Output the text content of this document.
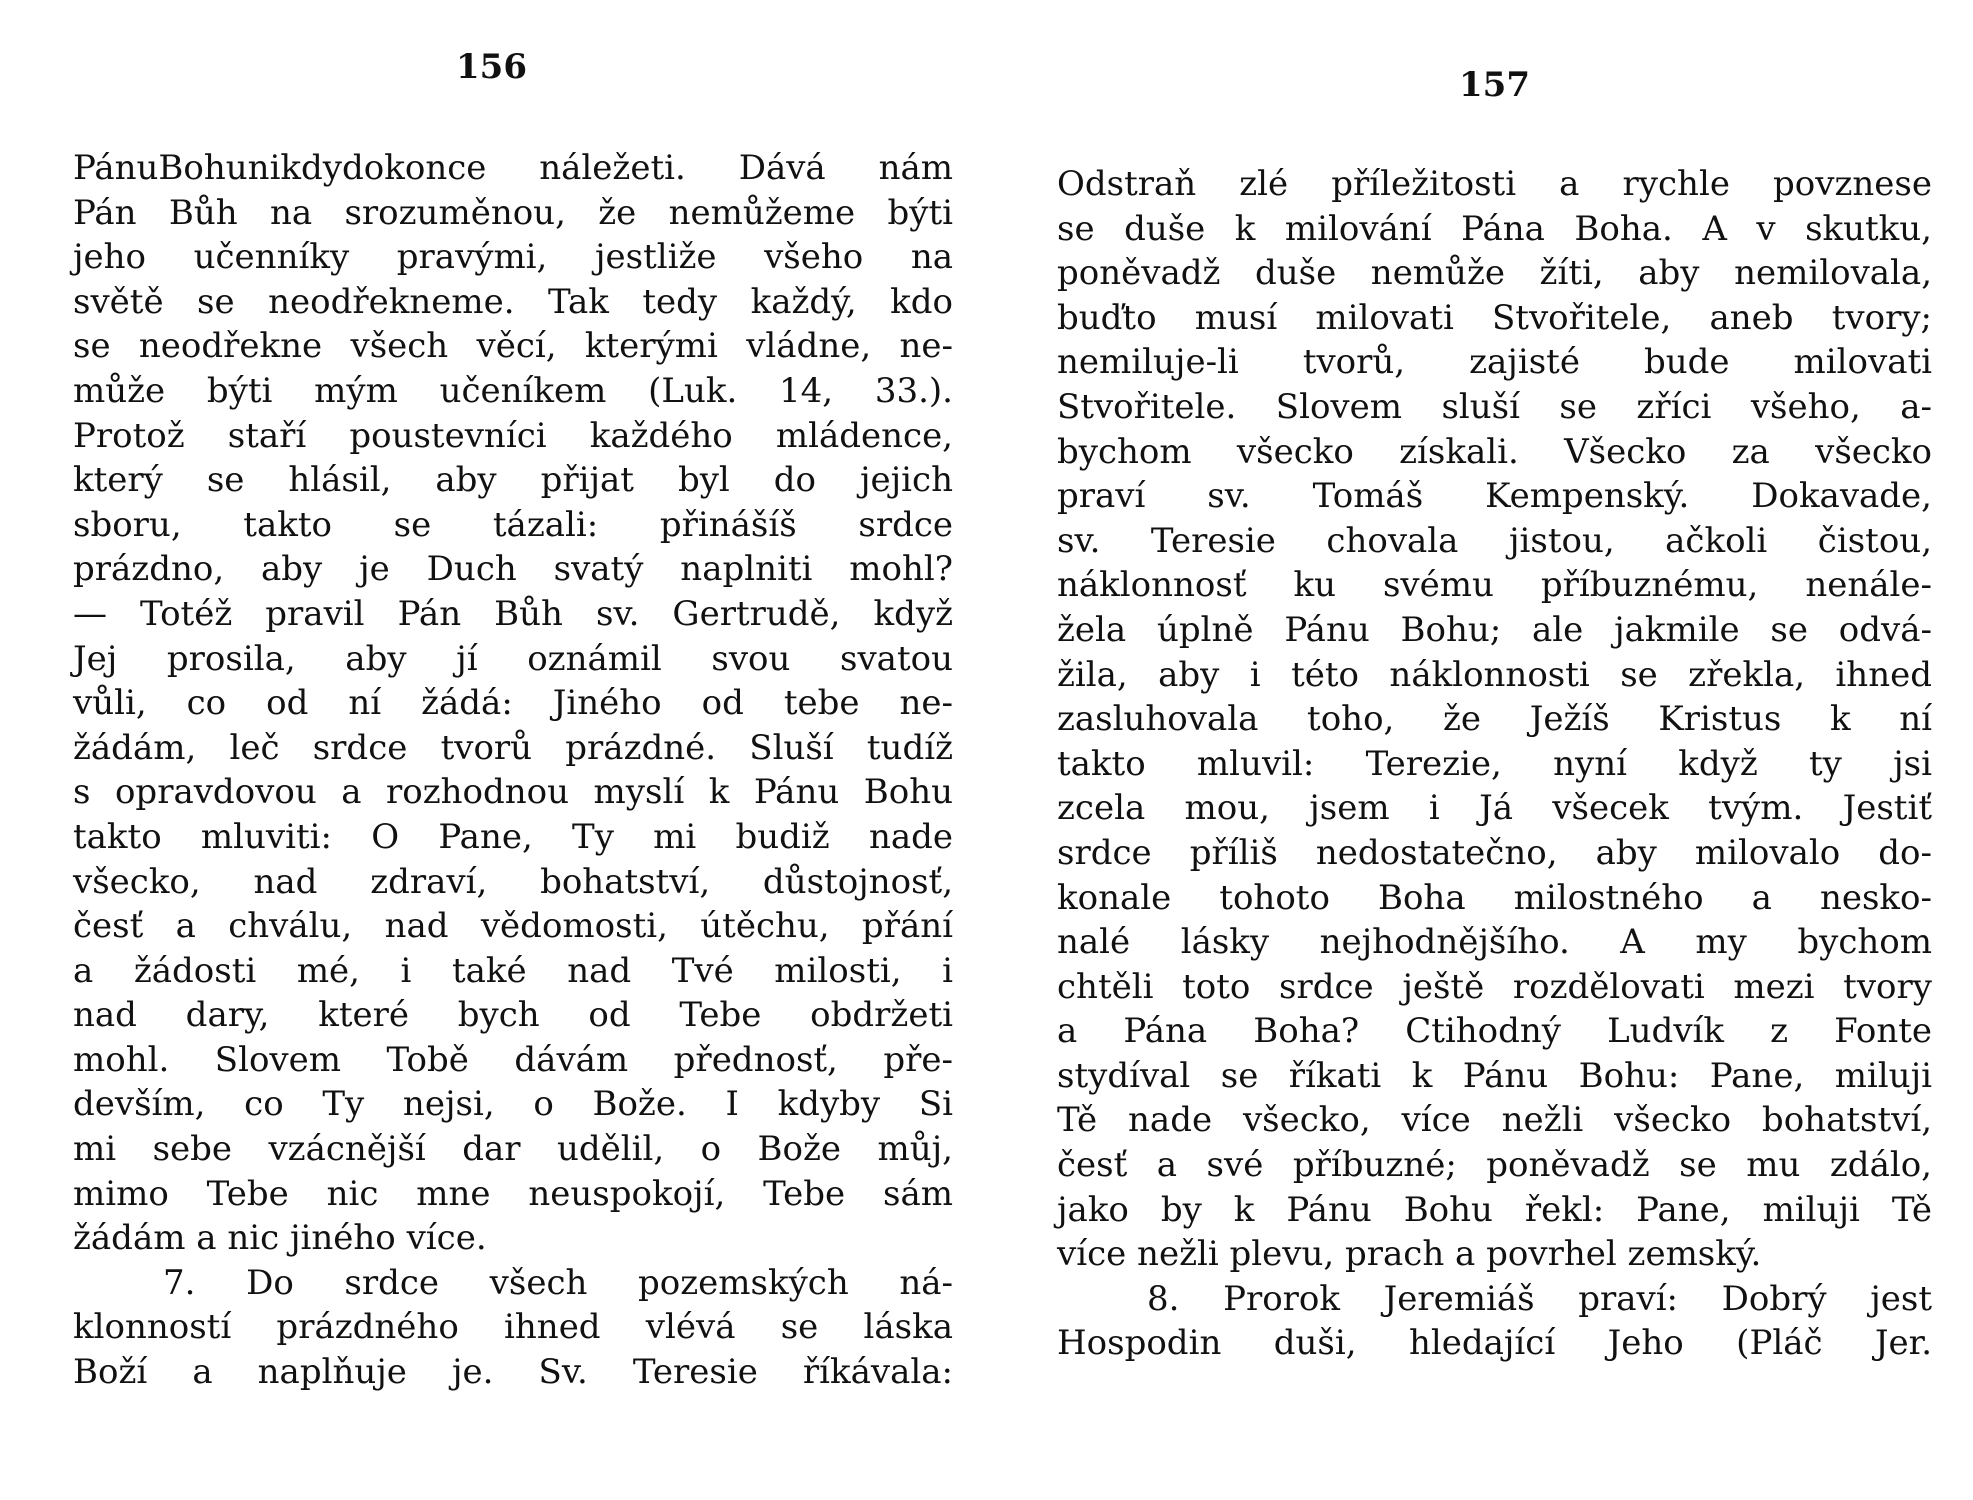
156

PánuBohunikdydokonce náležeti. Dává nám
Pán Bůh na srozuměnou, že nemůžeme býti
jeho učenníky pravými, jestliže všeho na
světě se neodřekneme. Tak tedy každý, kdo
se neodřekne všech věcí, kterými vládne, ne-
může býti mým učeníkem (Luk. 14, 33.).
Protož staří poustevníci každého mládence,
který se hlásil, aby přijat byl do jejich
sboru, takto se tázali: přinášíš srdce
prázdno, aby je Duch svatý naplniti mohl?
— Totéž pravil Pán Bůh sv. Gertrudě, když
Jej prosila, aby jí oznámil svou svatou
vůli, co od ní žádá: Jiného od tebe ne-
žádám, leč srdce tvorů prázdné. Sluší tudíž
s opravdovou a rozhodnou myslí k Pánu Bohu
takto mluviti: O Pane, Ty mi budiž nade
všecko, nad zdraví, bohatství, důstojnosť,
česť a chválu, nad vědomosti, útěchu, přání
a žádosti mé, i také nad Tvé milosti, i
nad dary, které bych od Tebe obdržeti
mohl. Slovem Tobě dávám přednosť, pře-
devším, co Ty nejsi, o Bože. I kdyby Si
mi sebe vzácnější dar udělil, o Bože můj,
mimo Tebe nic mne neuspokojí, Tebe sám
žádám a nic jiného více.
7. Do srdce všech pozemských ná-
klonností prázdného ihned vlévá se láska
Boží a naplňuje je. Sv. Teresie říkávala:

157

Odstraň zlé příležitosti a rychle povznese
se duše k milování Pána Boha. A v skutku,
poněvadž duše nemůže žíti, aby nemilovala,
buďto musí milovati Stvořitele, aneb tvory;
nemiluje-li tvorů, zajisté bude milovati
Stvořitele. Slovem sluší se zříci všeho, a-
bychom všecko získali. Všecko za všecko
praví sv. Tomáš Kempenský. Dokavade,
sv. Teresie chovala jistou, ačkoli čistou,
náklonnosť ku svému příbuznému, nenále-
žela úplně Pánu Bohu; ale jakmile se odvá-
žila, aby i této náklonnosti se zřekla, ihned
zasluhovala toho, že Ježíš Kristus k ní
takto mluvil: Terezie, nyní když ty jsi
zcela mou, jsem i Já všecek tvým. Jestiť
srdce příliš nedostatečno, aby milovalo do-
konale tohoto Boha milostného a nesko-
nalé lásky nejhodnějšího. A my bychom
chtěli toto srdce ještě rozdělovati mezi tvory
a Pána Boha? Ctihodný Ludvík z Fonte
stydíval se říkati k Pánu Bohu: Pane, miluji
Tě nade všecko, více nežli všecko bohatství,
česť a své příbuzné; poněvadž se mu zdálo,
jako by k Pánu Bohu řekl: Pane, miluji Tě
více nežli plevu, prach a povrhel zemský.
8. Prorok Jeremiáš praví: Dobrý jest
Hospodin duši, hledající Jeho (Pláč Jer.
